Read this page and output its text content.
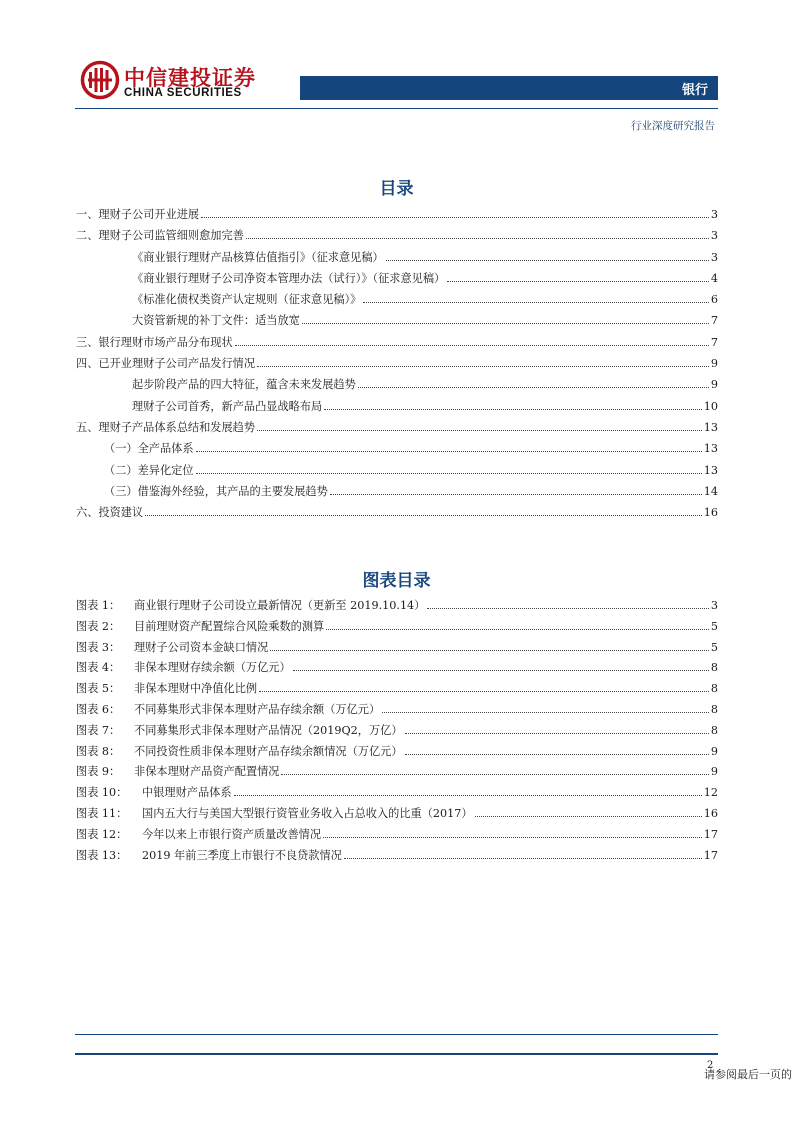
中信建投证券
CHINA SECURITIES	银行
行业深度研究报告
目录
一、理财子公司开业进展	3
二、理财子公司监管细则愈加完善	3
《商业银行理财产品核算估值指引》（征求意见稿）	3
《商业银行理财子公司净资本管理办法（试行）》（征求意见稿）	4
《标准化债权类资产认定规则（征求意见稿）》	6
大资管新规的补丁文件：适当放宽	7
三、银行理财市场产品分布现状	7
四、已开业理财子公司产品发行情况	9
起步阶段产品的四大特征，蕴含未来发展趋势	9
理财子公司首秀，新产品凸显战略布局	10
五、理财子产品体系总结和发展趋势	13
（一）全产品体系	13
（二）差异化定位	13
（三）借鉴海外经验，其产品的主要发展趋势	14
六、投资建议	16
图表目录
图表 1：	商业银行理财子公司设立最新情况（更新至 2019.10.14）	3
图表 2：	目前理财资产配置综合风险乘数的测算	5
图表 3：	理财子公司资本金缺口情况	5
图表 4：	非保本理财存续余额（万亿元）	8
图表 5：	非保本理财中净值化比例	8
图表 6：	不同募集形式非保本理财产品存续余额（万亿元）	8
图表 7：	不同募集形式非保本理财产品情况（2019Q2，万亿）	8
图表 8：	不同投资性质非保本理财产品存续余额情况（万亿元）	9
图表 9：	非保本理财产品资产配置情况	9
图表 10：	中银理财产品体系	12
图表 11：	国内五大行与美国大型银行资管业务收入占总收入的比重（2017）	16
图表 12：	今年以来上市银行资产质量改善情况	17
图表 13：	2019 年前三季度上市银行不良贷款情况	17
2
请参阅最后一页的
